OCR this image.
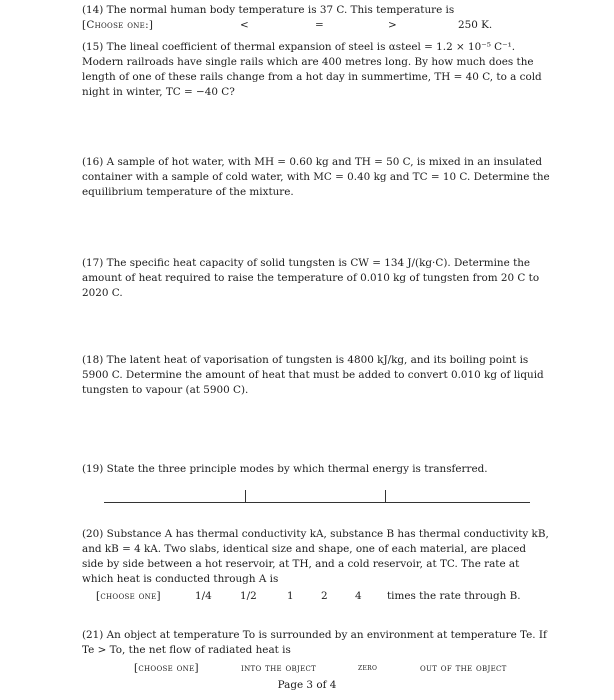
(14) The normal human body temperature is 37 C. This temperature is

[Choose one:]	<	=	>	250 K.

(15) The lineal coefficient of thermal expansion of steel is αsteel = 1.2 × 10⁻⁵ C⁻¹. Modern railroads have single rails which are 400 metres long. By how much does the length of one of these rails change from a hot day in summertime, TH = 40 C, to a cold night in winter, TC = −40 C?

(16) A sample of hot water, with MH = 0.60 kg and TH = 50 C, is mixed in an insulated container with a sample of cold water, with MC = 0.40 kg and TC = 10 C. Determine the equilibrium temperature of the mixture.

(17) The specific heat capacity of solid tungsten is CW = 134 J/(kg·C). Determine the amount of heat required to raise the temperature of 0.010 kg of tungsten from 20 C to 2020 C.

(18) The latent heat of vaporisation of tungsten is 4800 kJ/kg, and its boiling point is 5900 C. Determine the amount of heat that must be added to convert 0.010 kg of liquid tungsten to vapour (at 5900 C).

(19) State the three principle modes by which thermal energy is transferred.

(20) Substance A has thermal conductivity kA, substance B has thermal conductivity kB, and kB = 4 kA. Two slabs, identical size and shape, one of each material, are placed side by side between a hot reservoir, at TH, and a cold reservoir, at TC. The rate at which heat is conducted through A is

[choose one]	1/4	1/2	1	2	4 times the rate through B.

(21) An object at temperature To is surrounded by an environment at temperature Te. If Te > To, the net flow of radiated heat is

[choose one]	into the object	zero	out of the object
Page 3 of 4
